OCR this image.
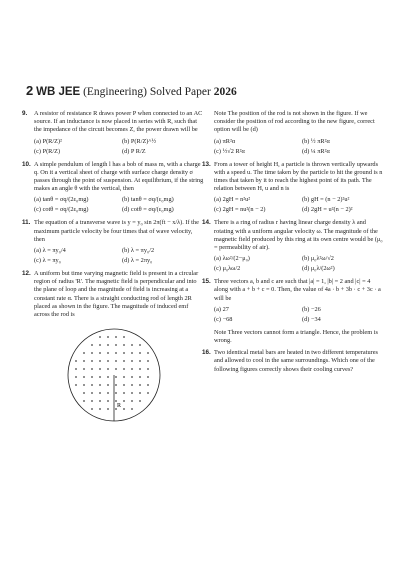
2 WB JEE (Engineering) Solved Paper 2026
9. A resistor of resistance R draws power P when connected to an AC source. If an inductance is now placed in series with R, such that the impedance of the circuit becomes Z, the power drawn will be
(a) P(R/Z)²	(b) P(R/Z)^½
(c) P(R/Z)	(d) P R/Z
10. A simple pendulum of length l has a bob of mass m, with a charge q. On it a vertical sheet of charge with surface charge density σ passes through the point of suspension. At equilibrium, if the string makes an angle θ with the vertical, then
(a) tanθ = σq/(2ε₀mg)	(b) tanθ = σq/(ε₀mg)
(c) cotθ = σq/(2ε₀mg)	(d) cotθ = σq/(ε₀mg)
11. The equation of a transverse wave is y = y₀ sin 2π(ft − x/λ). If the maximum particle velocity be four times that of wave velocity, then
(a) λ = πy₀/4	(b) λ = πy₀/2
(c) λ = πy₀	(d) λ = 2πy₀
12. A uniform but time varying magnetic field is present in a circular region of radius 'R'. The magnetic field is perpendicular and into the plane of loop and the magnitude of field is increasing at a constant rate α. There is a straight conducting rod of length 2R placed as shown in the figure. The magnitude of induced emf across the rod is
R
Note The position of the rod is not shown in the figure. If we consider the position of rod according to the new figure, correct option will be (d)
(a) πR²α	(b) ½ πR²α
(c) ½√2 R²α	(d) ¼ πR²α
13. From a tower of height H, a particle is thrown vertically upwards with a speed u. The time taken by the particle to hit the ground is n times that taken by it to reach the highest point of its path. The relation between H, u and n is
(a) 2gH = n²u²	(b) gH = (n − 2)²u²
(c) 2gH = nu²(n − 2)	(d) 2gH = u²(n − 2)²
14. There is a ring of radius r having linear charge density λ and rotating with a uniform angular velocity ω. The magnitude of the magnetic field produced by this ring at its own centre would be (μ₀ = permeability of air).
(a) λω²/(2−μ₀)	(b) μ₀λ²ω/√2
(c) μ₀λω/2	(d) μ₀λ/(2ω²)
15. Three vectors a, b and c are such that |a| = 1, |b| = 2 and |c| = 4 along with a + b + c = 0. Then, the value of 4a · b + 3b · c + 3c · a will be
(a) 27	(b) −26
(c) −68	(d) −34
Note Three vectors cannot form a triangle. Hence, the problem is wrong.
16. Two identical metal bars are heated in two different temperatures and allowed to cool in the same surroundings. Which one of the following figures correctly shows their cooling curves?
